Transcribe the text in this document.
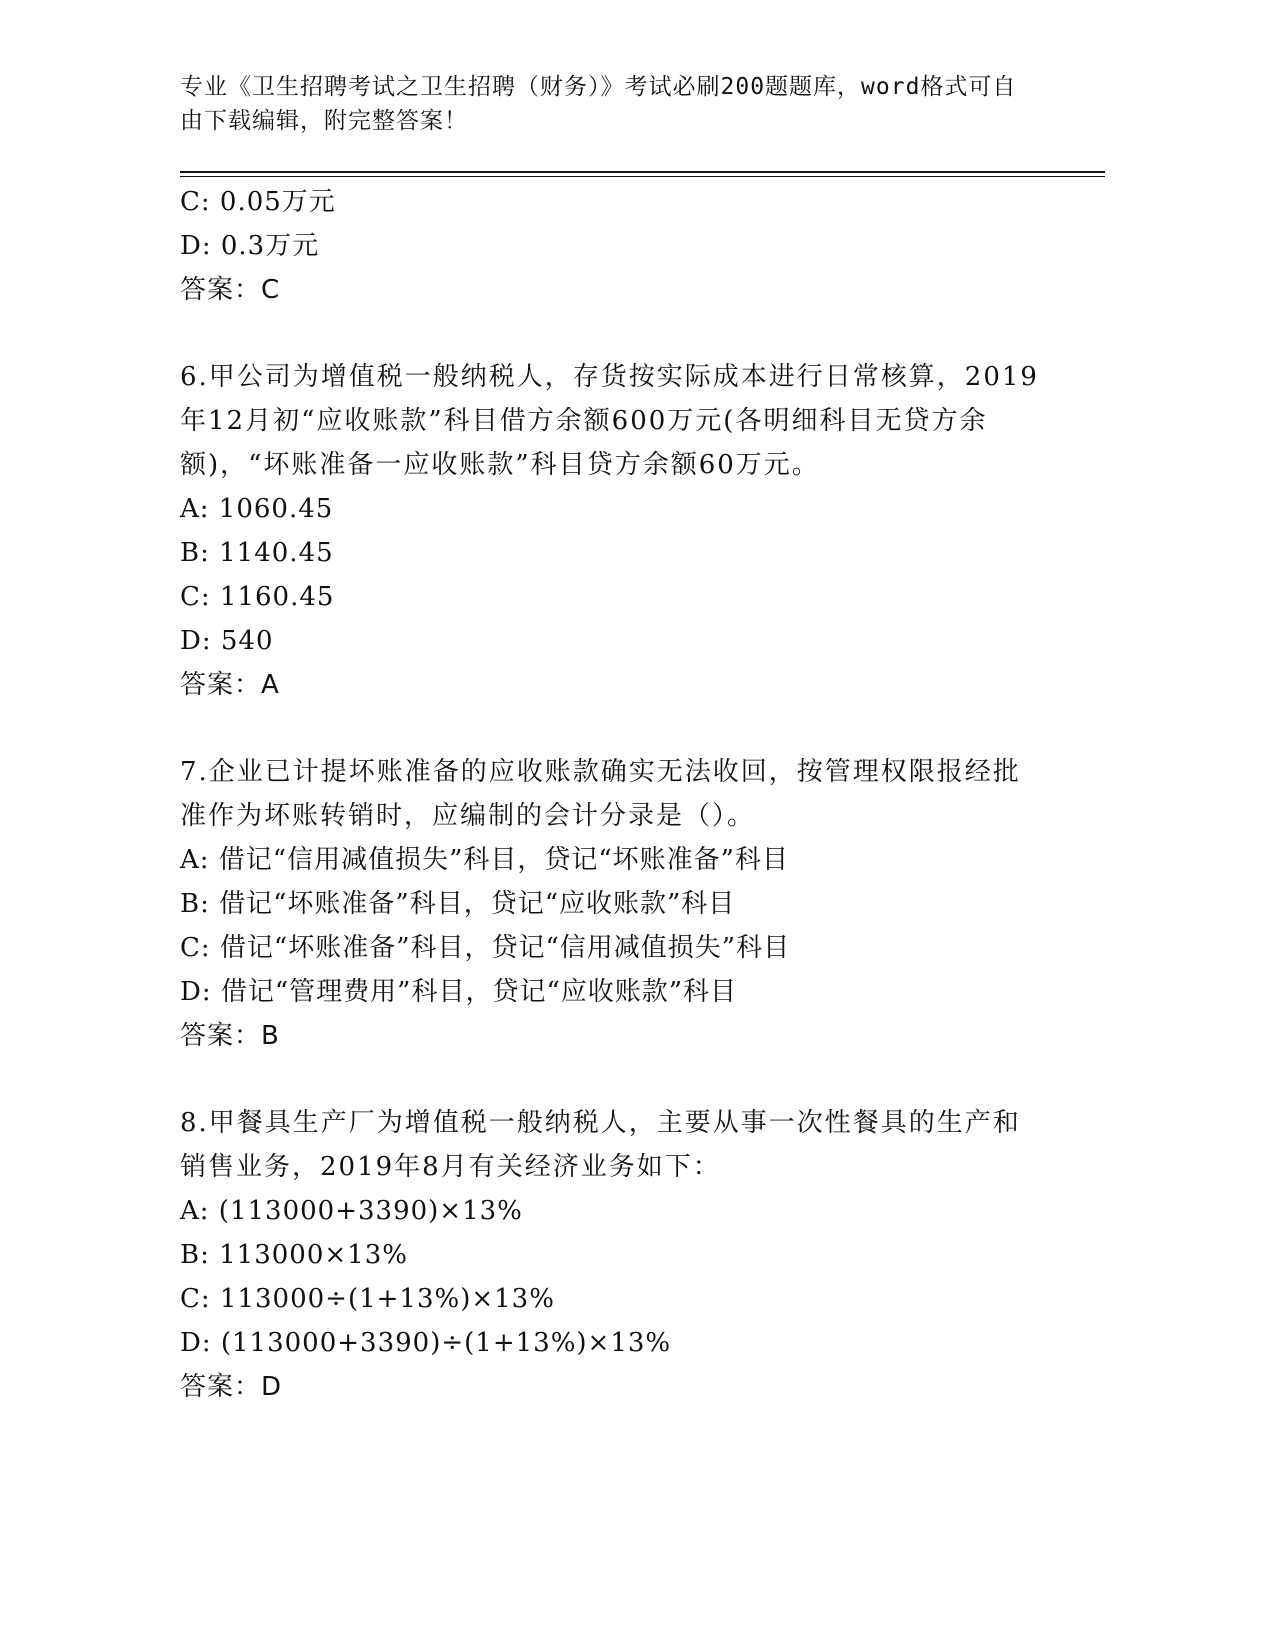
专业《卫生招聘考试之卫生招聘（财务）》考试必刷200题题库，word格式可自
由下载编辑，附完整答案！
C: 0.05万元
D: 0.3万元
答案：C
6.甲公司为增值税一般纳税人，存货按实际成本进行日常核算，2019
年12月初“应收账款”科目借方余额600万元(各明细科目无贷方余
额)，“坏账准备一应收账款”科目贷方余额60万元。
A: 1060.45
B: 1140.45
C: 1160.45
D: 540
答案：A
7.企业已计提坏账准备的应收账款确实无法收回，按管理权限报经批
准作为坏账转销时，应编制的会计分录是（）。
A: 借记“信用减值损失”科目，贷记“坏账准备”科目
B: 借记“坏账准备”科目，贷记“应收账款”科目
C: 借记“坏账准备”科目，贷记“信用减值损失”科目
D: 借记“管理费用”科目，贷记“应收账款”科目
答案：B
8.甲餐具生产厂为增值税一般纳税人，主要从事一次性餐具的生产和
销售业务，2019年8月有关经济业务如下：
A: (113000+3390)×13%
B: 113000×13%
C: 113000÷(1+13%)×13%
D: (113000+3390)÷(1+13%)×13%
答案：D
